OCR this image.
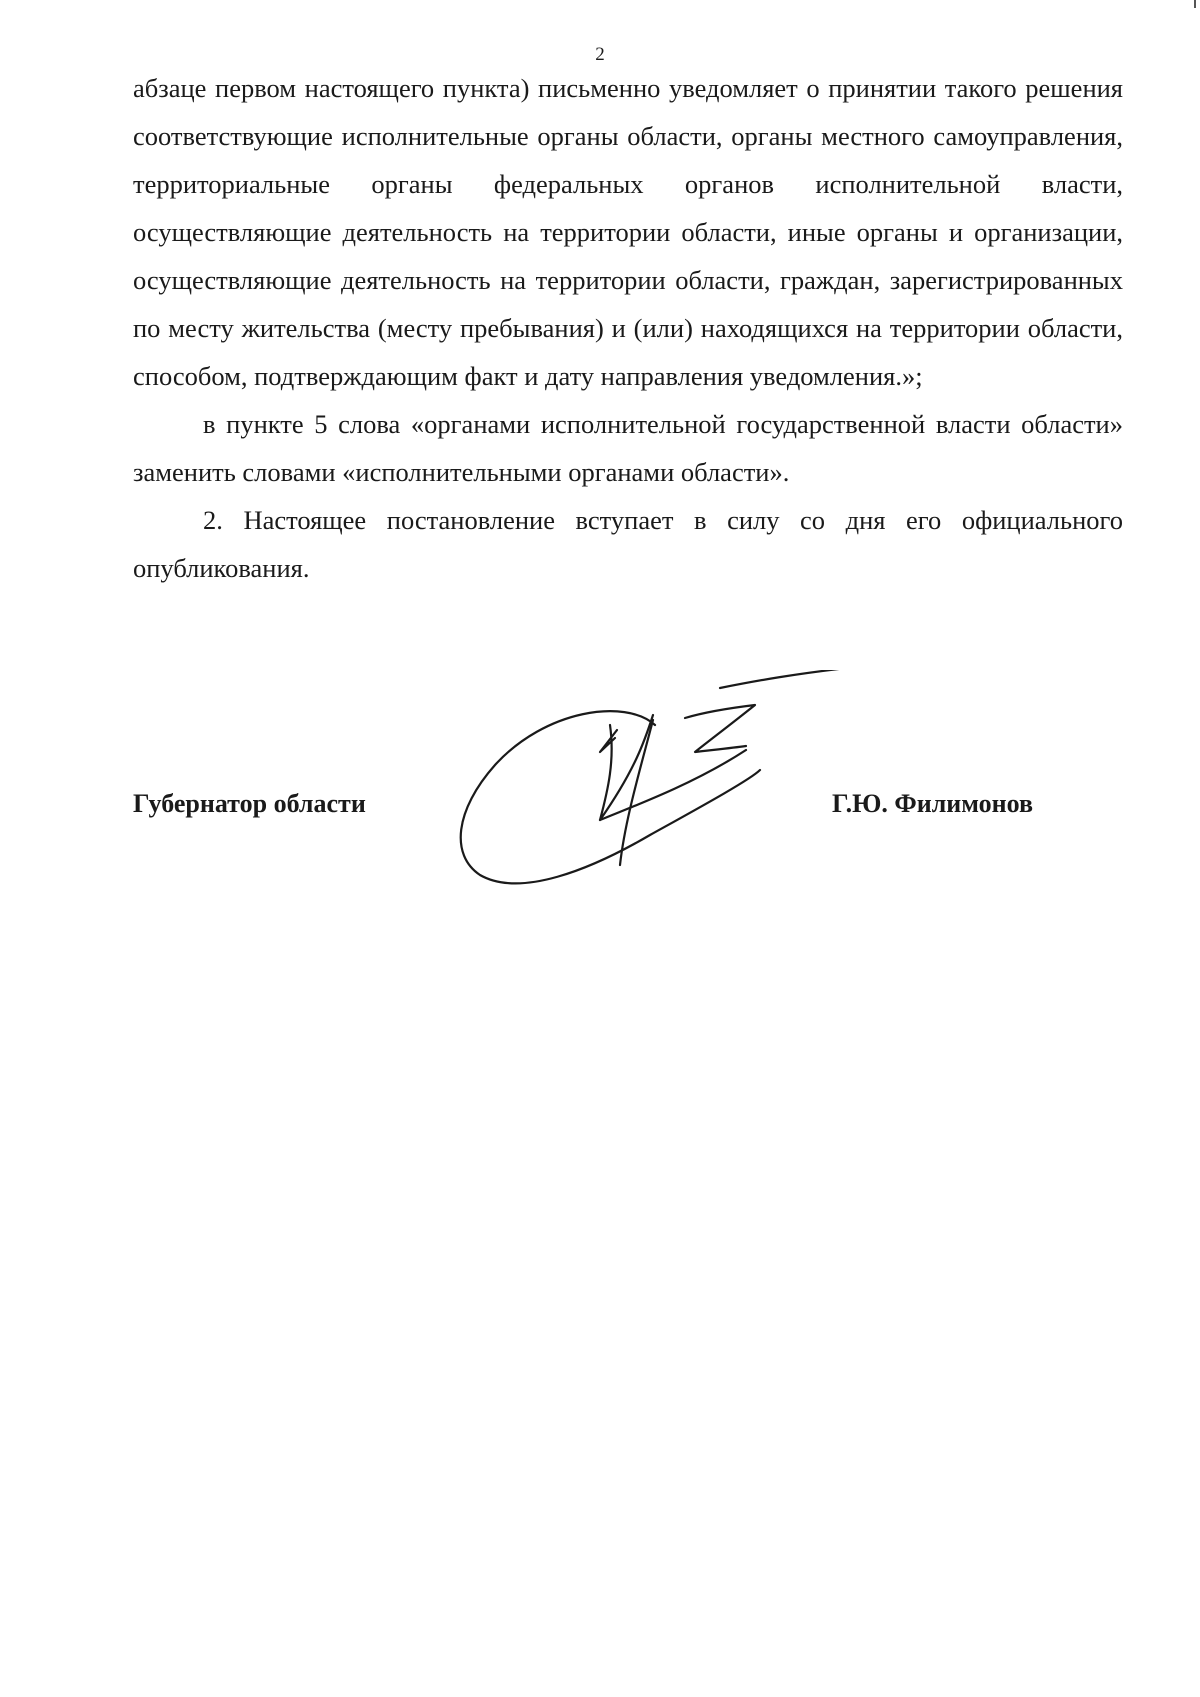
2

абзаце первом настоящего пункта) письменно уведомляет о принятии такого решения соответствующие исполнительные органы области, органы местного самоуправления, территориальные органы федеральных органов исполнительной власти, осуществляющие деятельность на территории области, иные органы и организации, осуществляющие деятельность на территории области, граждан, зарегистрированных по месту жительства (месту пребывания) и (или) находящихся на территории области, способом, подтверждающим факт и дату направления уведомления.»;

в пункте 5 слова «органами исполнительной государственной власти области» заменить словами «исполнительными органами области».

2. Настоящее постановление вступает в силу со дня его официального опубликования.

Губернатор области	Г.Ю. Филимонов
